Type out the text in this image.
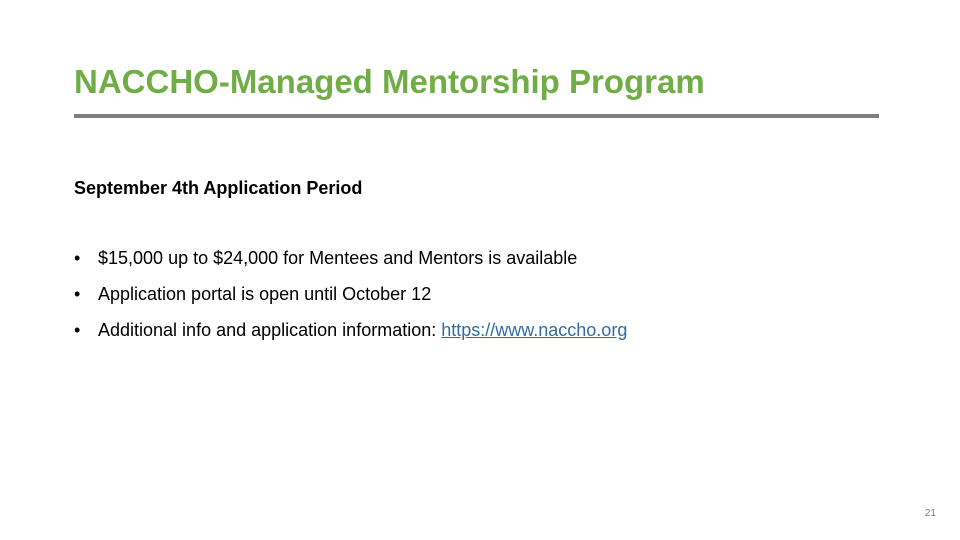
NACCHO-Managed Mentorship Program
September 4th Application Period
• $15,000 up to $24,000 for Mentees and Mentors is available
• Application portal is open until October 12
• Additional info and application information: https://www.naccho.org
21
